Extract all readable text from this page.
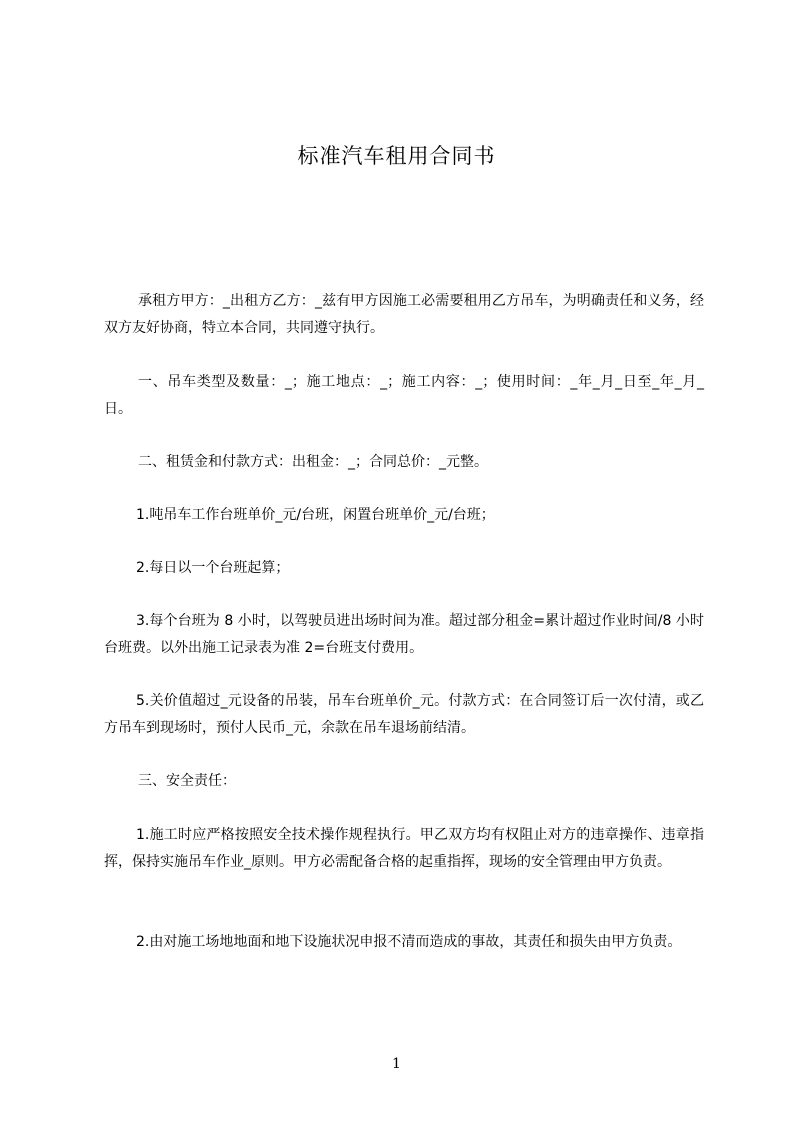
标准汽车租用合同书
承租方甲方：_出租方乙方：_兹有甲方因施工必需要租用乙方吊车，为明确责任和义务，经双方友好协商，特立本合同，共同遵守执行。
一、吊车类型及数量：_；施工地点：_；施工内容：_；使用时间：_年_月_日至_年_月_日。
二、租赁金和付款方式：出租金：_；合同总价：_元整。
1.吨吊车工作台班单价_元/台班，闲置台班单价_元/台班；
2.每日以一个台班起算；
3.每个台班为 8 小时，以驾驶员进出场时间为准。超过部分租金=累计超过作业时间/8 小时台班费。以外出施工记录表为准 2=台班支付费用。
5.关价值超过_元设备的吊装，吊车台班单价_元。付款方式：在合同签订后一次付清，或乙方吊车到现场时，预付人民币_元，余款在吊车退场前结清。
三、安全责任：
1.施工时应严格按照安全技术操作规程执行。甲乙双方均有权阻止对方的违章操作、违章指挥，保持实施吊车作业_原则。甲方必需配备合格的起重指挥，现场的安全管理由甲方负责。
2.由对施工场地地面和地下设施状况申报不清而造成的事故，其责任和损失由甲方负责。
1
